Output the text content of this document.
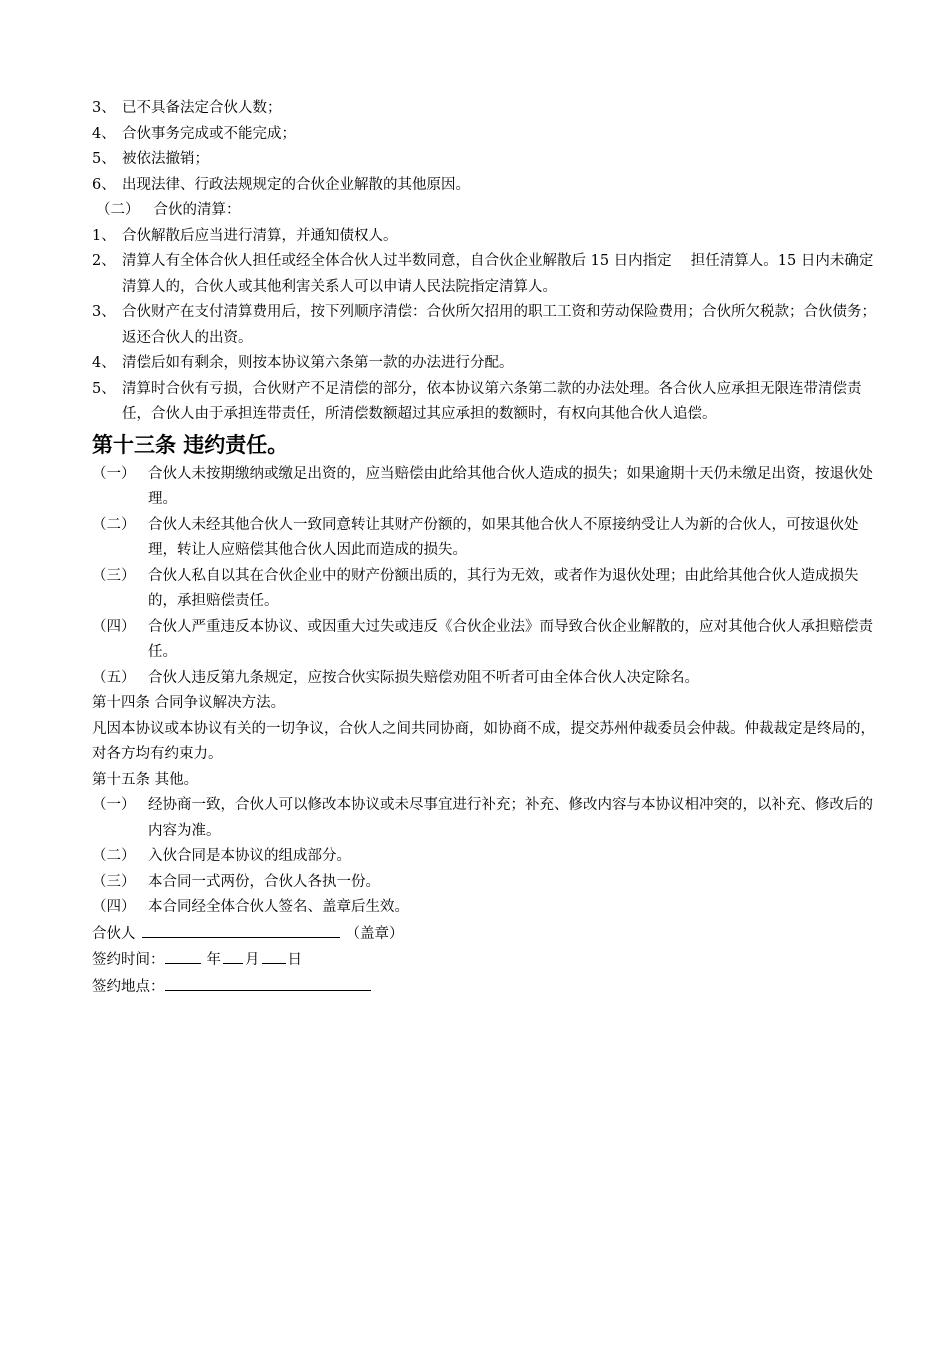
3、 已不具备法定合伙人数；
4、 合伙事务完成或不能完成；
5、 被依法撤销；
6、 出现法律、行政法规规定的合伙企业解散的其他原因。
（二） 合伙的清算：
1、 合伙解散后应当进行清算，并通知债权人。
2、 清算人有全体合伙人担任或经全体合伙人过半数同意，自合伙企业解散后 15 日内指定　 担任清算人。15 日内未确定清算人的，合伙人或其他利害关系人可以申请人民法院指定清算人。
3、 合伙财产在支付清算费用后，按下列顺序清偿：合伙所欠招用的职工工资和劳动保险费用；合伙所欠税款；合伙债务；返还合伙人的出资。
4、 清偿后如有剩余，则按本协议第六条第一款的办法进行分配。
5、 清算时合伙有亏损，合伙财产不足清偿的部分，依本协议第六条第二款的办法处理。各合伙人应承担无限连带清偿责任，合伙人由于承担连带责任，所清偿数额超过其应承担的数额时，有权向其他合伙人追偿。
第十三条 违约责任。
（一） 合伙人未按期缴纳或缴足出资的，应当赔偿由此给其他合伙人造成的损失；如果逾期十天仍未缴足出资，按退伙处理。
（二） 合伙人未经其他合伙人一致同意转让其财产份额的，如果其他合伙人不原接纳受让人为新的合伙人，可按退伙处理，转让人应赔偿其他合伙人因此而造成的损失。
（三） 合伙人私自以其在合伙企业中的财产份额出质的，其行为无效，或者作为退伙处理；由此给其他合伙人造成损失的，承担赔偿责任。
（四） 合伙人严重违反本协议、或因重大过失或违反《合伙企业法》而导致合伙企业解散的，应对其他合伙人承担赔偿责任。
（五） 合伙人违反第九条规定，应按合伙实际损失赔偿劝阻不听者可由全体合伙人决定除名。
第十四条 合同争议解决方法。
凡因本协议或本协议有关的一切争议，合伙人之间共同协商，如协商不成，提交苏州仲裁委员会仲裁。仲裁裁定是终局的，对各方均有约束力。
第十五条 其他。
（一） 经协商一致，合伙人可以修改本协议或未尽事宜进行补充；补充、修改内容与本协议相冲突的，以补充、修改后的内容为准。
（二） 入伙合同是本协议的组成部分。
（三） 本合同一式两份，合伙人各执一份。
（四） 本合同经全体合伙人签名、盖章后生效。
合伙人	（盖章）
签约时间：	年 月 日
签约地点：
